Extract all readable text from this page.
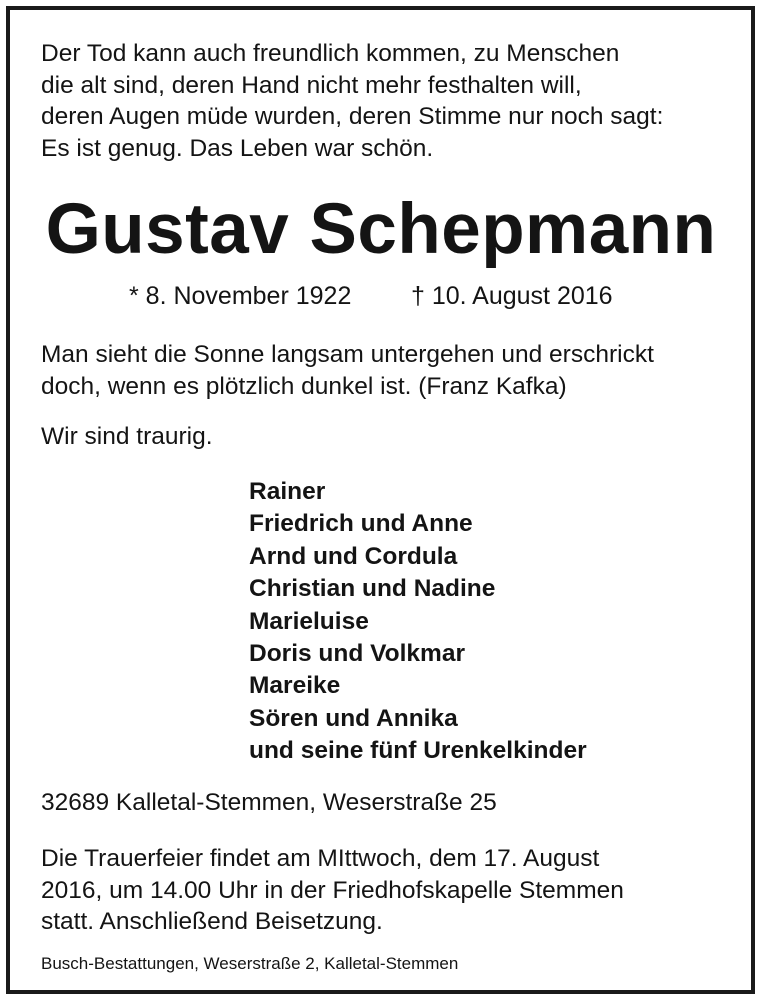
Der Tod kann auch freundlich kommen, zu Menschen
die alt sind, deren Hand nicht mehr festhalten will,
deren Augen müde wurden, deren Stimme nur noch sagt:
Es ist genug. Das Leben war schön.
Gustav Schepmann
* 8. November 1922 † 10. August 2016
Man sieht die Sonne langsam untergehen und erschrickt
doch, wenn es plötzlich dunkel ist. (Franz Kafka)
Wir sind traurig.
Rainer
Friedrich und Anne
Arnd und Cordula
Christian und Nadine
Marieluise
Doris und Volkmar
Mareike
Sören und Annika
und seine fünf Urenkelkinder
32689 Kalletal-Stemmen, Weserstraße 25
Die Trauerfeier findet am MIttwoch, dem 17. August
2016, um 14.00 Uhr in der Friedhofskapelle Stemmen
statt. Anschließend Beisetzung.
Busch-Bestattungen, Weserstraße 2, Kalletal-Stemmen
